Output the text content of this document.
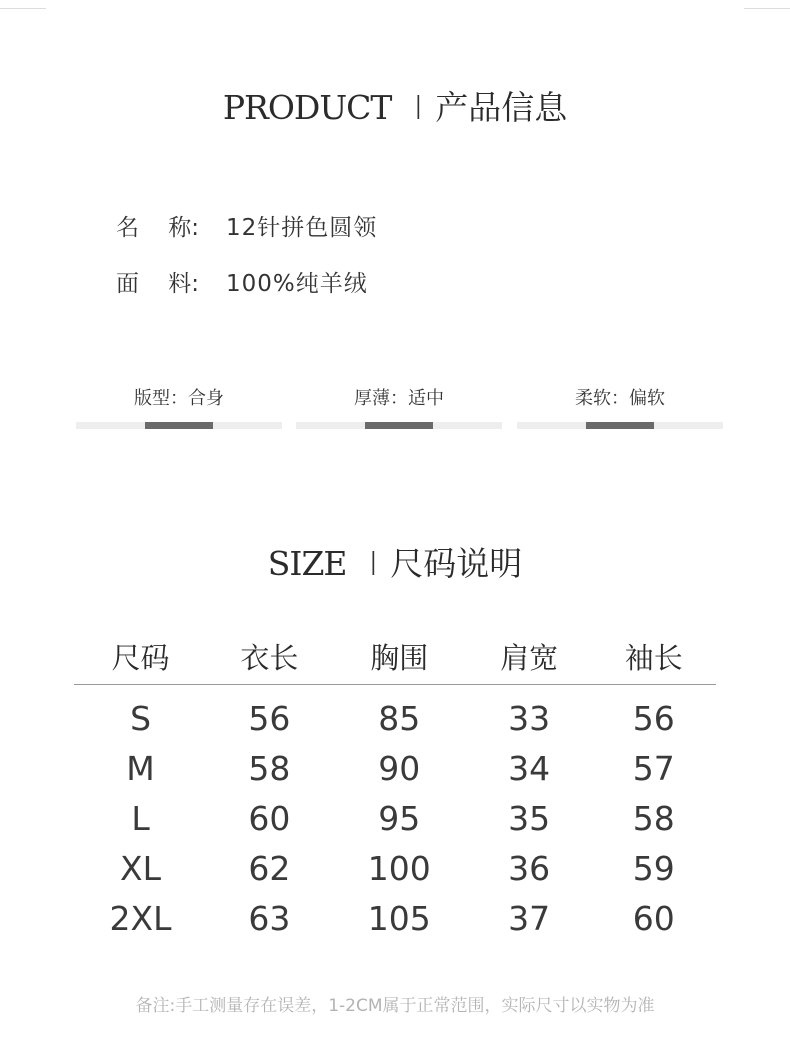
PRODUCT I 产品信息
名    称: 12针拼色圆领
面    料: 100%纯羊绒
版型：合身	厚薄：适中	柔软：偏软
SIZE I 尺码说明
尺码	衣长	胸围	肩宽	袖长
S	56	85	33	56
M	58	90	34	57
L	60	95	35	58
XL	62	100	36	59
2XL	63	105	37	60
备注:手工测量存在误差，1-2CM属于正常范围，实际尺寸以实物为准
